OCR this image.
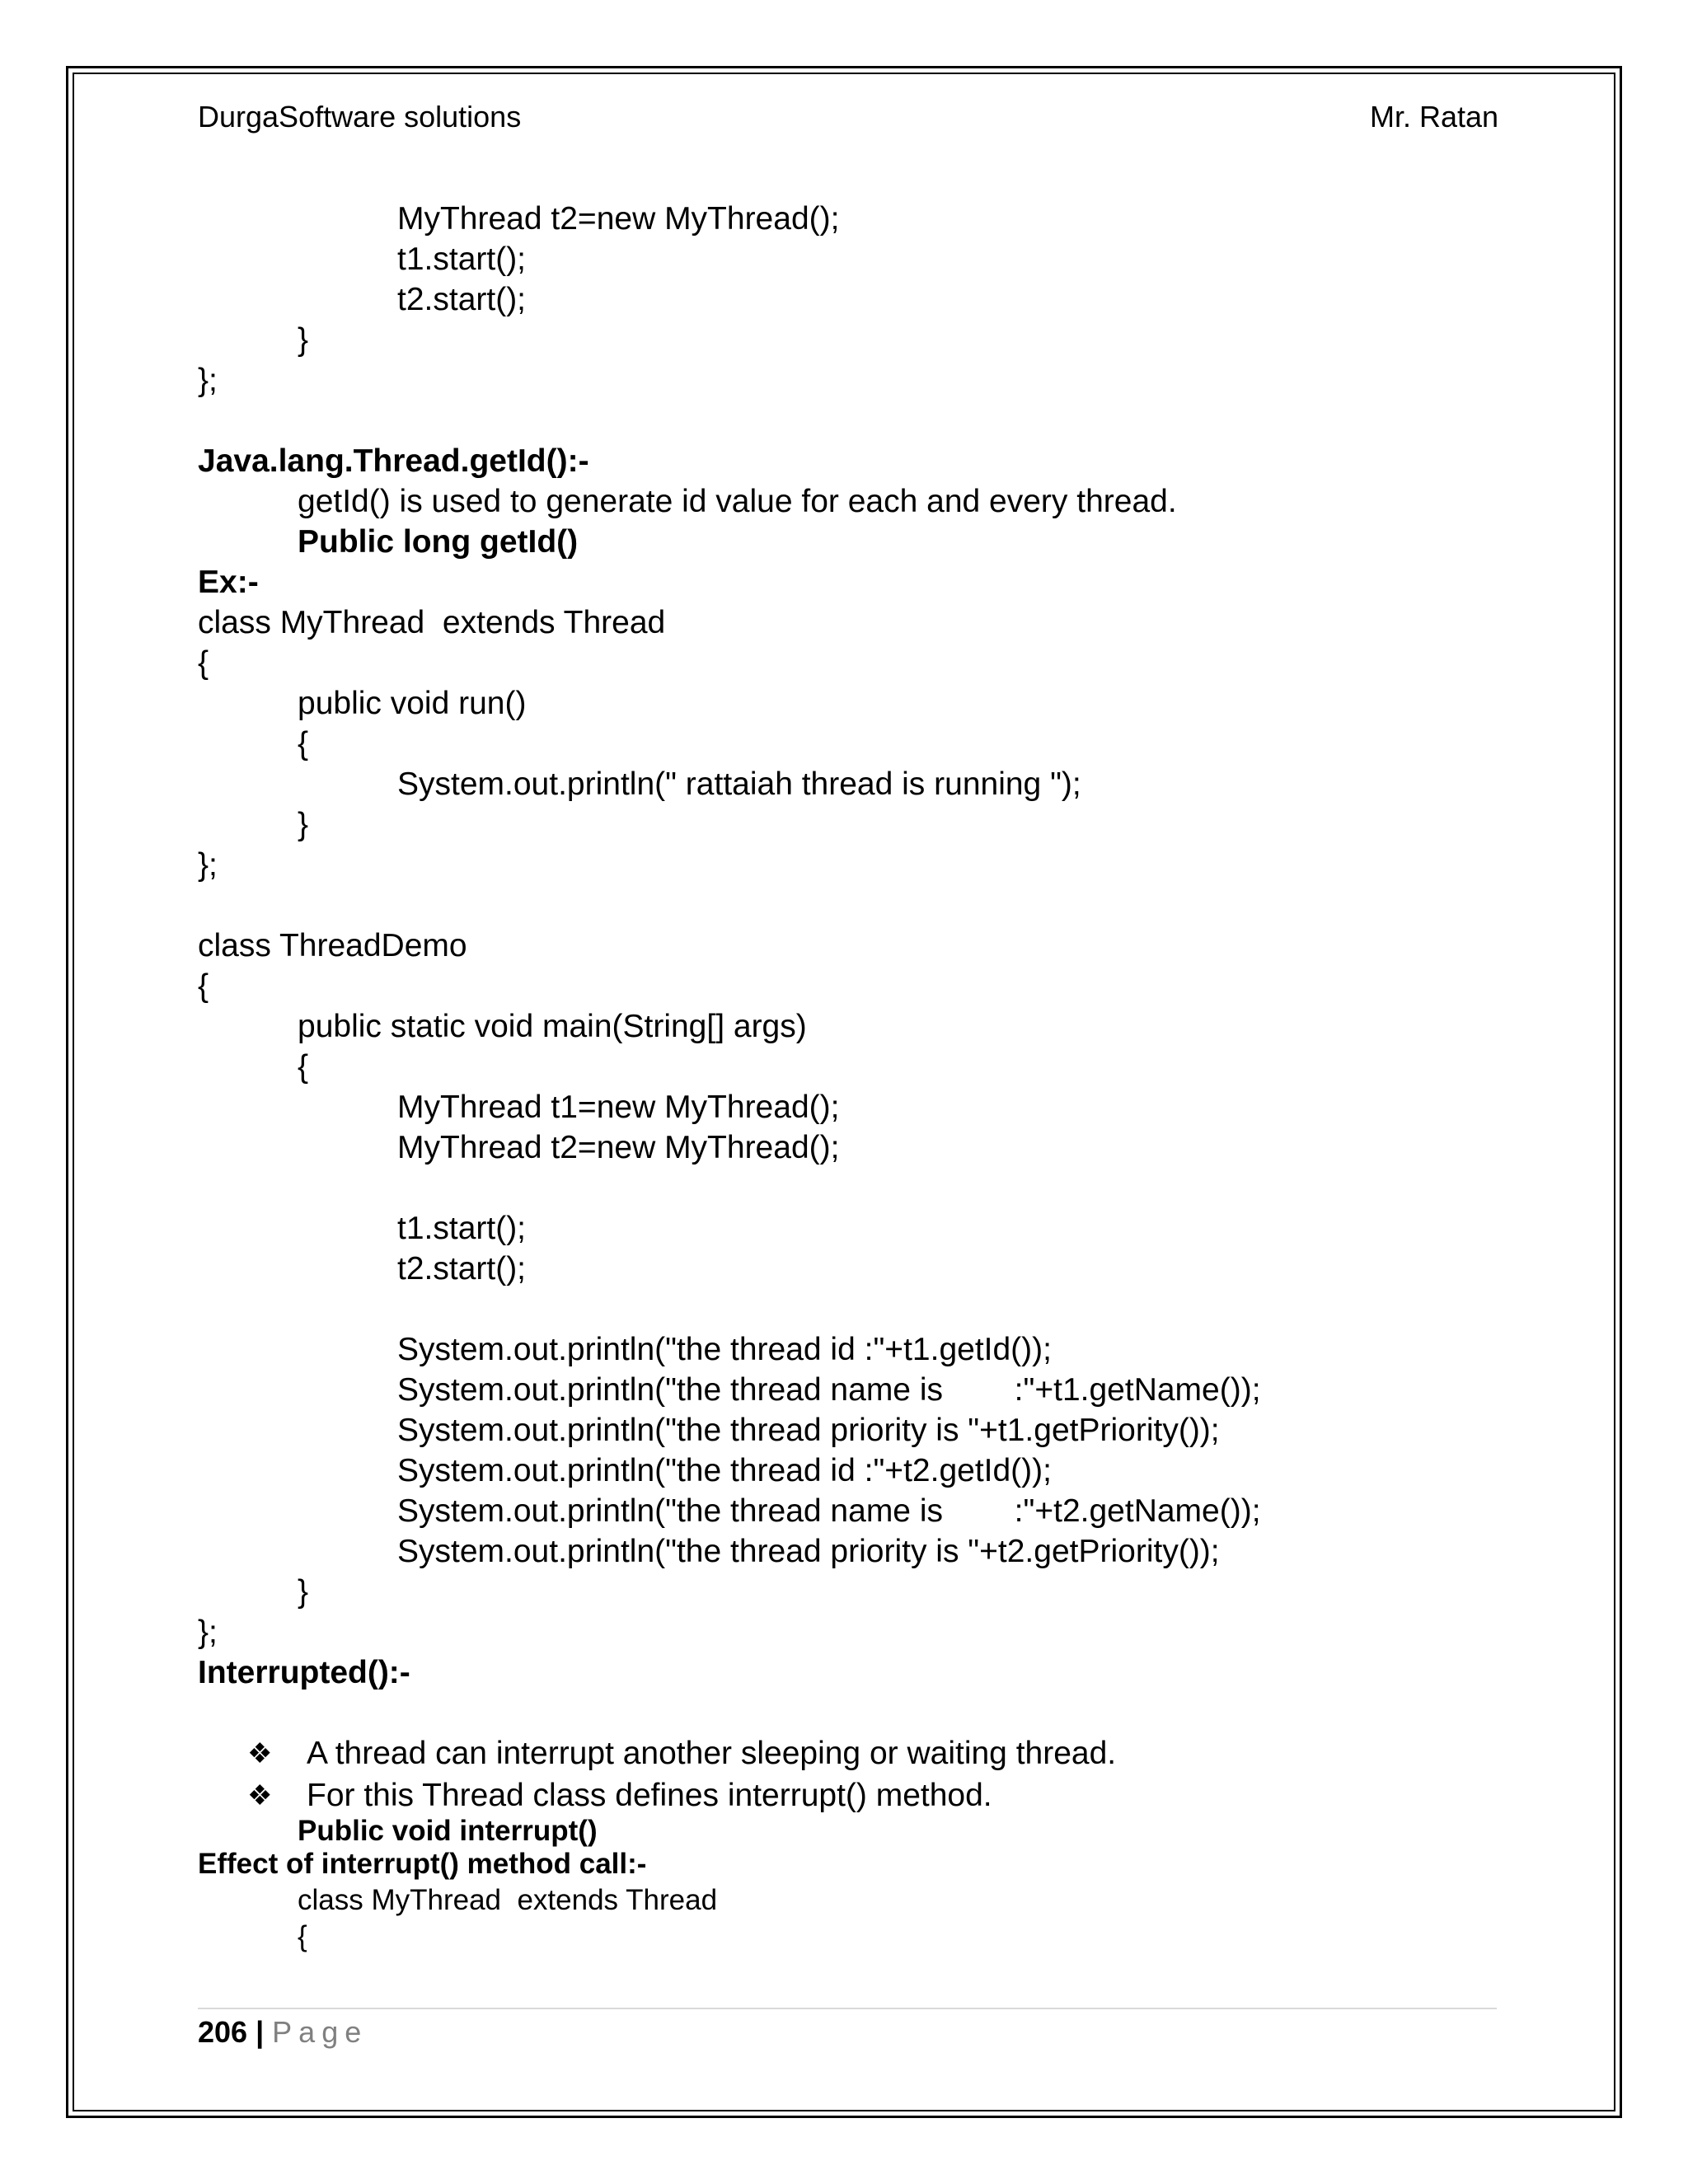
DurgaSoftware solutions	Mr. Ratan
MyThread t2=new MyThread();
t1.start();
t2.start();
}
};
Java.lang.Thread.getId():-
getId() is used to generate id value for each and every thread.
Public long getId()
Ex:-
class MyThread  extends Thread
{
public void run()
{
System.out.println(" rattaiah thread is running ");
}
};
class ThreadDemo
{
public static void main(String[] args)
{
MyThread t1=new MyThread();
MyThread t2=new MyThread();
t1.start();
t2.start();
System.out.println("the thread id :"+t1.getId());
System.out.println("the thread name is        :"+t1.getName());
System.out.println("the thread priority is "+t1.getPriority());
System.out.println("the thread id :"+t2.getId());
System.out.println("the thread name is        :"+t2.getName());
System.out.println("the thread priority is "+t2.getPriority());
}
};
Interrupted():-
❖ A thread can interrupt another sleeping or waiting thread.
❖ For this Thread class defines interrupt() method.
Public void interrupt()
Effect of interrupt() method call:-
class MyThread  extends Thread
{
206 | Page
